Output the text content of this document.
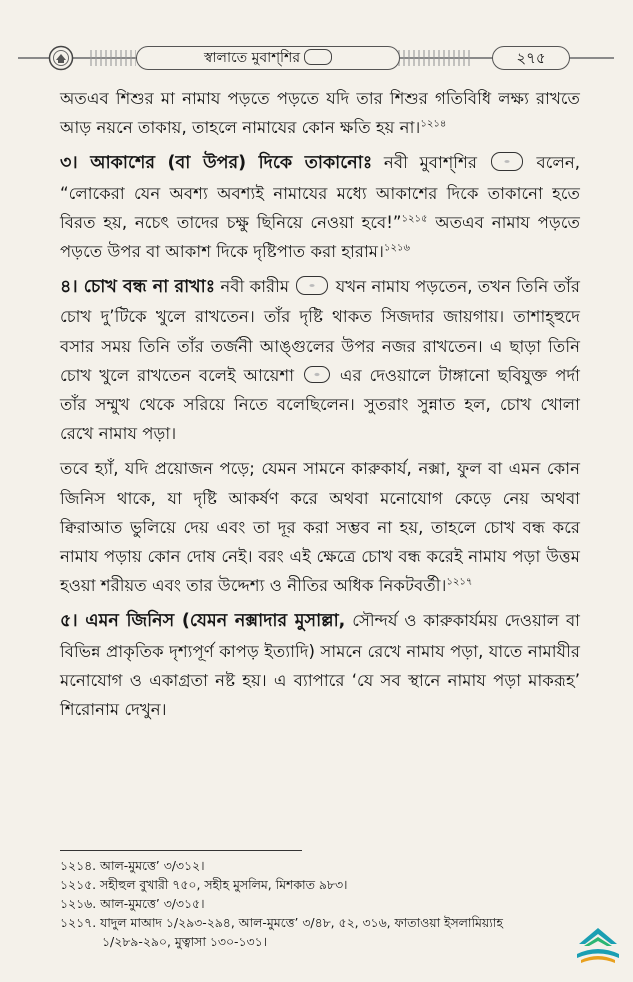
স্বালাতে মুবাশ্‌শির	২৭৫

অতএব শিশুর মা নামায পড়তে পড়তে যদি তার শিশুর গতিবিধি লক্ষ্য রাখতে আড় নয়নে তাকায়, তাহলে নামাযের কোন ক্ষতি হয় না।$^{১২১৪}$

৩। আকাশের (বা উপর) দিকে তাকানোঃ নবী মুবাশ্‌শির  বলেন, “লোকেরা যেন অবশ্য অবশ্যই নামাযের মধ্যে আকাশের দিকে তাকানো হতে বিরত হয়, নচেৎ তাদের চক্ষু ছিনিয়ে নেওয়া হবে!”$^{১২১৫}$ অতএব নামায পড়তে পড়তে উপর বা আকাশ দিকে দৃষ্টিপাত করা হারাম।$^{১২১৬}$

৪। চোখ বন্ধ না রাখাঃ নবী কারীম  যখন নামায পড়তেন, তখন তিনি তাঁর চোখ দু’টিকে খুলে রাখতেন। তাঁর দৃষ্টি থাকত সিজদার জায়গায়। তাশাহ্হুদে বসার সময় তিনি তাঁর তর্জনী আঙ্গুলের উপর নজর রাখতেন। এ ছাড়া তিনি চোখ খুলে রাখতেন বলেই আয়েশা  এর দেওয়ালে টাঙ্গানো ছবিযুক্ত পর্দা তাঁর সম্মুখ থেকে সরিয়ে নিতে বলেছিলেন। সুতরাং সুন্নাত হল, চোখ খোলা রেখে নামায পড়া।

তবে হ্যাঁ, যদি প্রয়োজন পড়ে; যেমন সামনে কারুকার্য, নক্সা, ফুল বা এমন কোন জিনিস থাকে, যা দৃষ্টি আকর্ষণ করে অথবা মনোযোগ কেড়ে নেয় অথবা ক্বিরাআত ভুলিয়ে দেয় এবং তা দূর করা সম্ভব না হয়, তাহলে চোখ বন্ধ করে নামায পড়ায় কোন দোষ নেই। বরং এই ক্ষেত্রে চোখ বন্ধ করেই নামায পড়া উত্তম হওয়া শরীয়ত এবং তার উদ্দেশ্য ও নীতির অধিক নিকটবর্তী।$^{১২১৭}$

৫। এমন জিনিস (যেমন নক্সাদার মুসাল্লা, সৌন্দর্য ও কারুকার্যময় দেওয়াল বা বিভিন্ন প্রাকৃতিক দৃশ্যপূর্ণ কাপড় ইত্যাদি) সামনে রেখে নামায পড়া, যাতে নামাযীর মনোযোগ ও একাগ্রতা নষ্ট হয়। এ ব্যাপারে ‘যে সব স্থানে নামায পড়া মাকরূহ’ শিরোনাম দেখুন।

১২১৪. আল-মুমত্তে’ ৩/৩১২।

১২১৫. সহীহুল বুখারী ৭৫০, সহীহ মুসলিম, মিশকাত ৯৮৩।

১২১৬. আল-মুমত্তে’ ৩/৩১৫।

১২১৭. যাদুল মাআদ ১/২৯৩-২৯৪, আল-মুমত্তে’ ৩/৪৮, ৫২, ৩১৬, ফাতাওয়া ইসলামিয়্যাহ

১/২৮৯-২৯০, মুত্বাসা ১৩০-১৩১।
